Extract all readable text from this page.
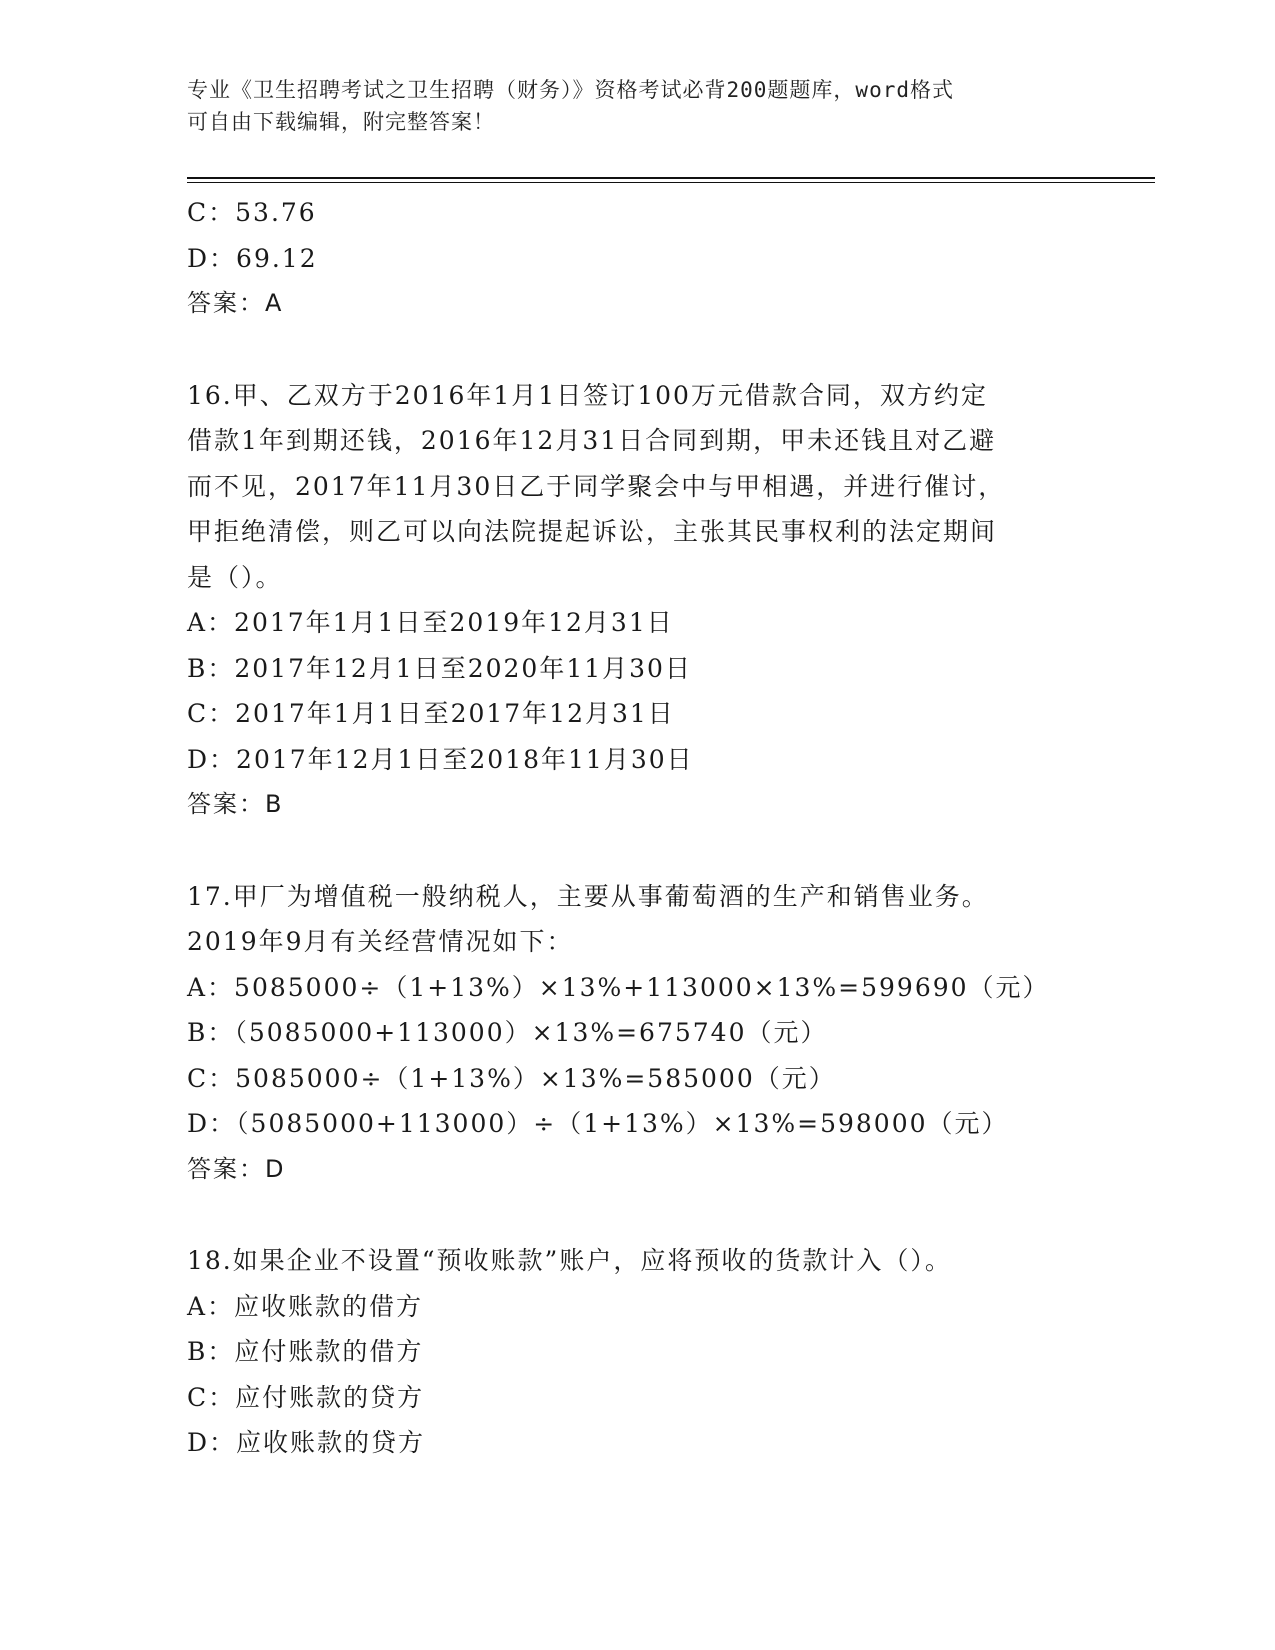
专业《卫生招聘考试之卫生招聘（财务）》资格考试必背200题题库，word格式
可自由下载编辑，附完整答案！
C：53.76
D：69.12
答案：A
16.甲、乙双方于2016年1月1日签订100万元借款合同，双方约定
借款1年到期还钱，2016年12月31日合同到期，甲未还钱且对乙避
而不见，2017年11月30日乙于同学聚会中与甲相遇，并进行催讨，
甲拒绝清偿，则乙可以向法院提起诉讼，主张其民事权利的法定期间
是（）。
A：2017年1月1日至2019年12月31日
B：2017年12月1日至2020年11月30日
C：2017年1月1日至2017年12月31日
D：2017年12月1日至2018年11月30日
答案：B
17.甲厂为增值税一般纳税人，主要从事葡萄酒的生产和销售业务。
2019年9月有关经营情况如下：
A：5085000÷（1+13%）×13%+113000×13%=599690（元）
B：（5085000+113000）×13%=675740（元）
C：5085000÷（1+13%）×13%=585000（元）
D：（5085000+113000）÷（1+13%）×13%=598000（元）
答案：D
18.如果企业不设置“预收账款”账户，应将预收的货款计入（）。
A：应收账款的借方
B：应付账款的借方
C：应付账款的贷方
D：应收账款的贷方
